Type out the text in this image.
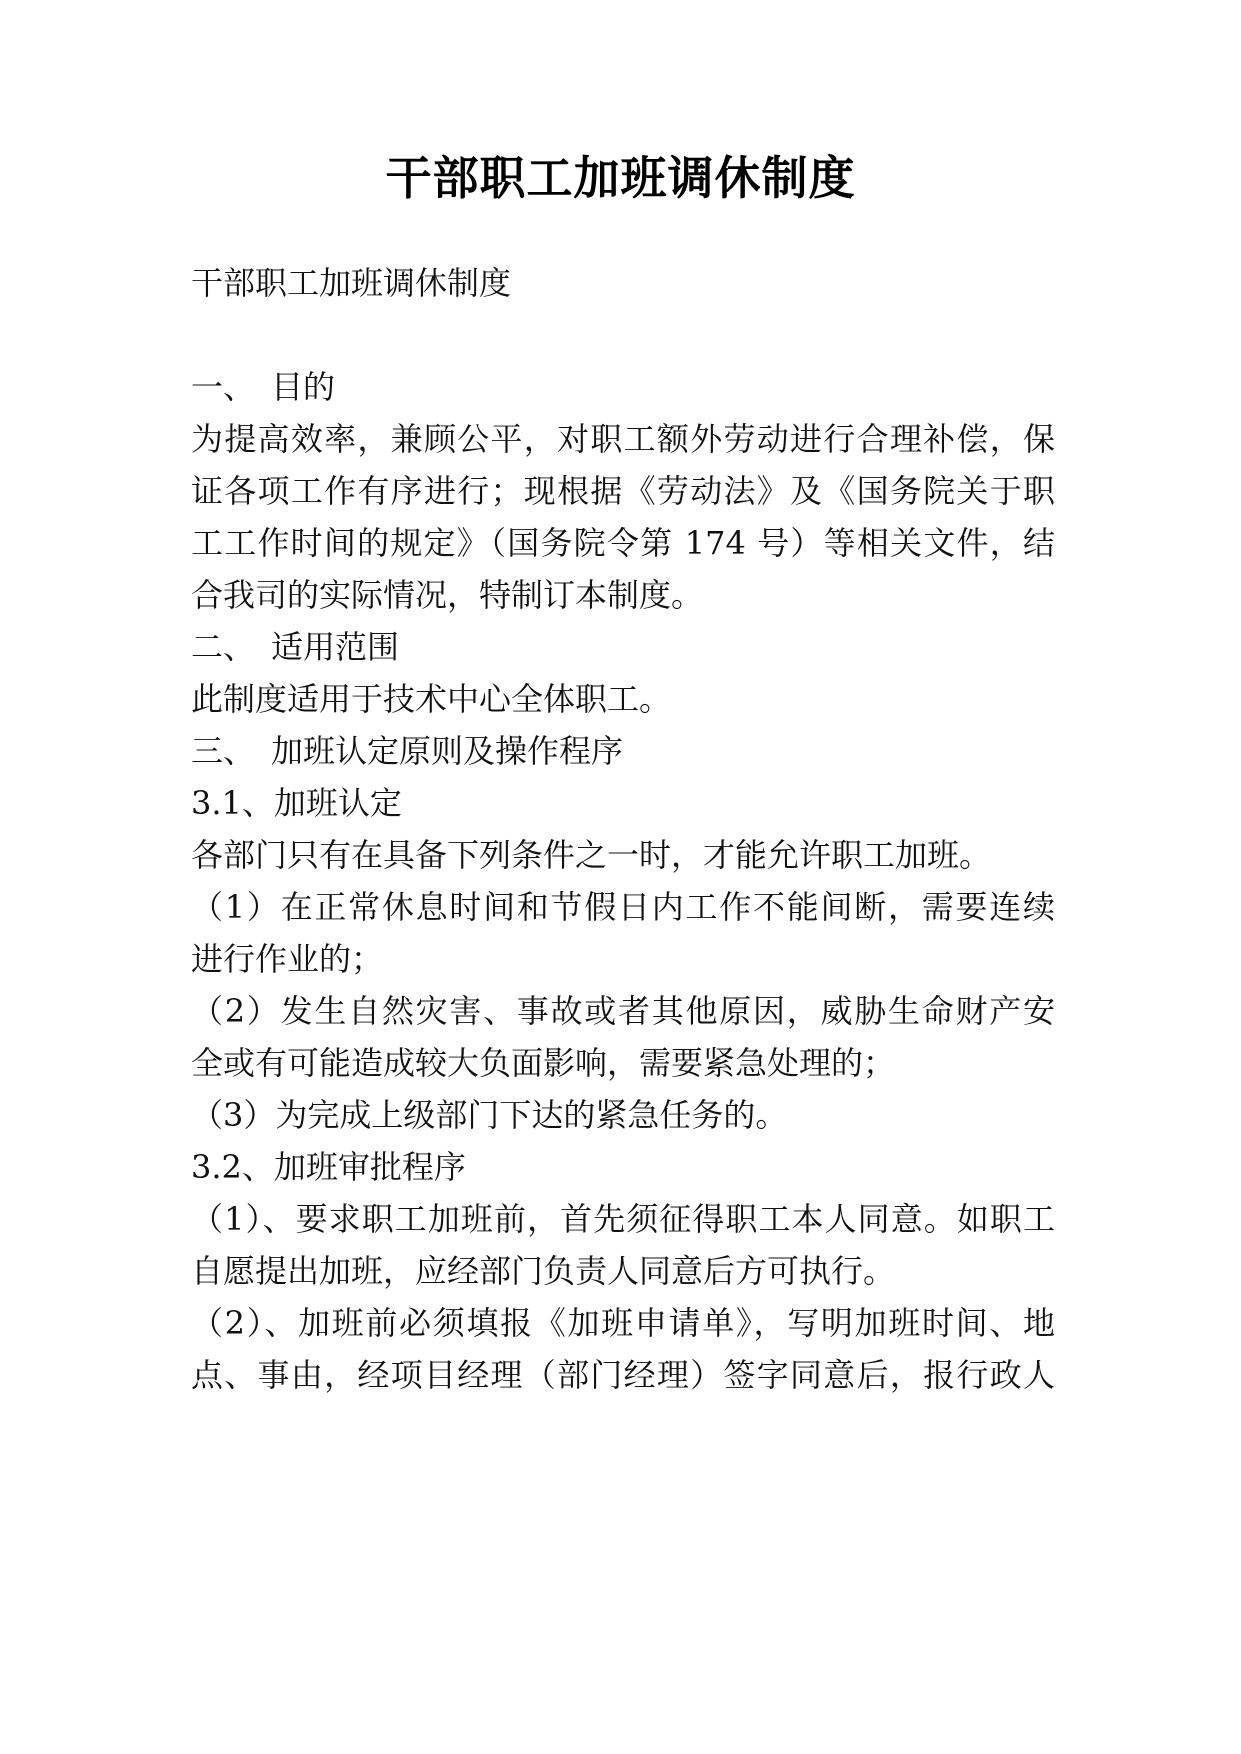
干部职工加班调休制度
干部职工加班调休制度
一、　目的
为提高效率，兼顾公平，对职工额外劳动进行合理补偿，保
证各项工作有序进行；现根据《劳动法》及《国务院关于职
工工作时间的规定》（国务院令第 174 号）等相关文件，结
合我司的实际情况，特制订本制度。
二、　适用范围
此制度适用于技术中心全体职工。
三、　加班认定原则及操作程序
3.1、加班认定
各部门只有在具备下列条件之一时，才能允许职工加班。
（1）在正常休息时间和节假日内工作不能间断，需要连续
进行作业的；
（2）发生自然灾害、事故或者其他原因，威胁生命财产安
全或有可能造成较大负面影响，需要紧急处理的；
（3）为完成上级部门下达的紧急任务的。
3.2、加班审批程序
（1）、要求职工加班前，首先须征得职工本人同意。如职工
自愿提出加班，应经部门负责人同意后方可执行。
（2）、加班前必须填报《加班申请单》，写明加班时间、地
点、事由，经项目经理（部门经理）签字同意后，报行政人
